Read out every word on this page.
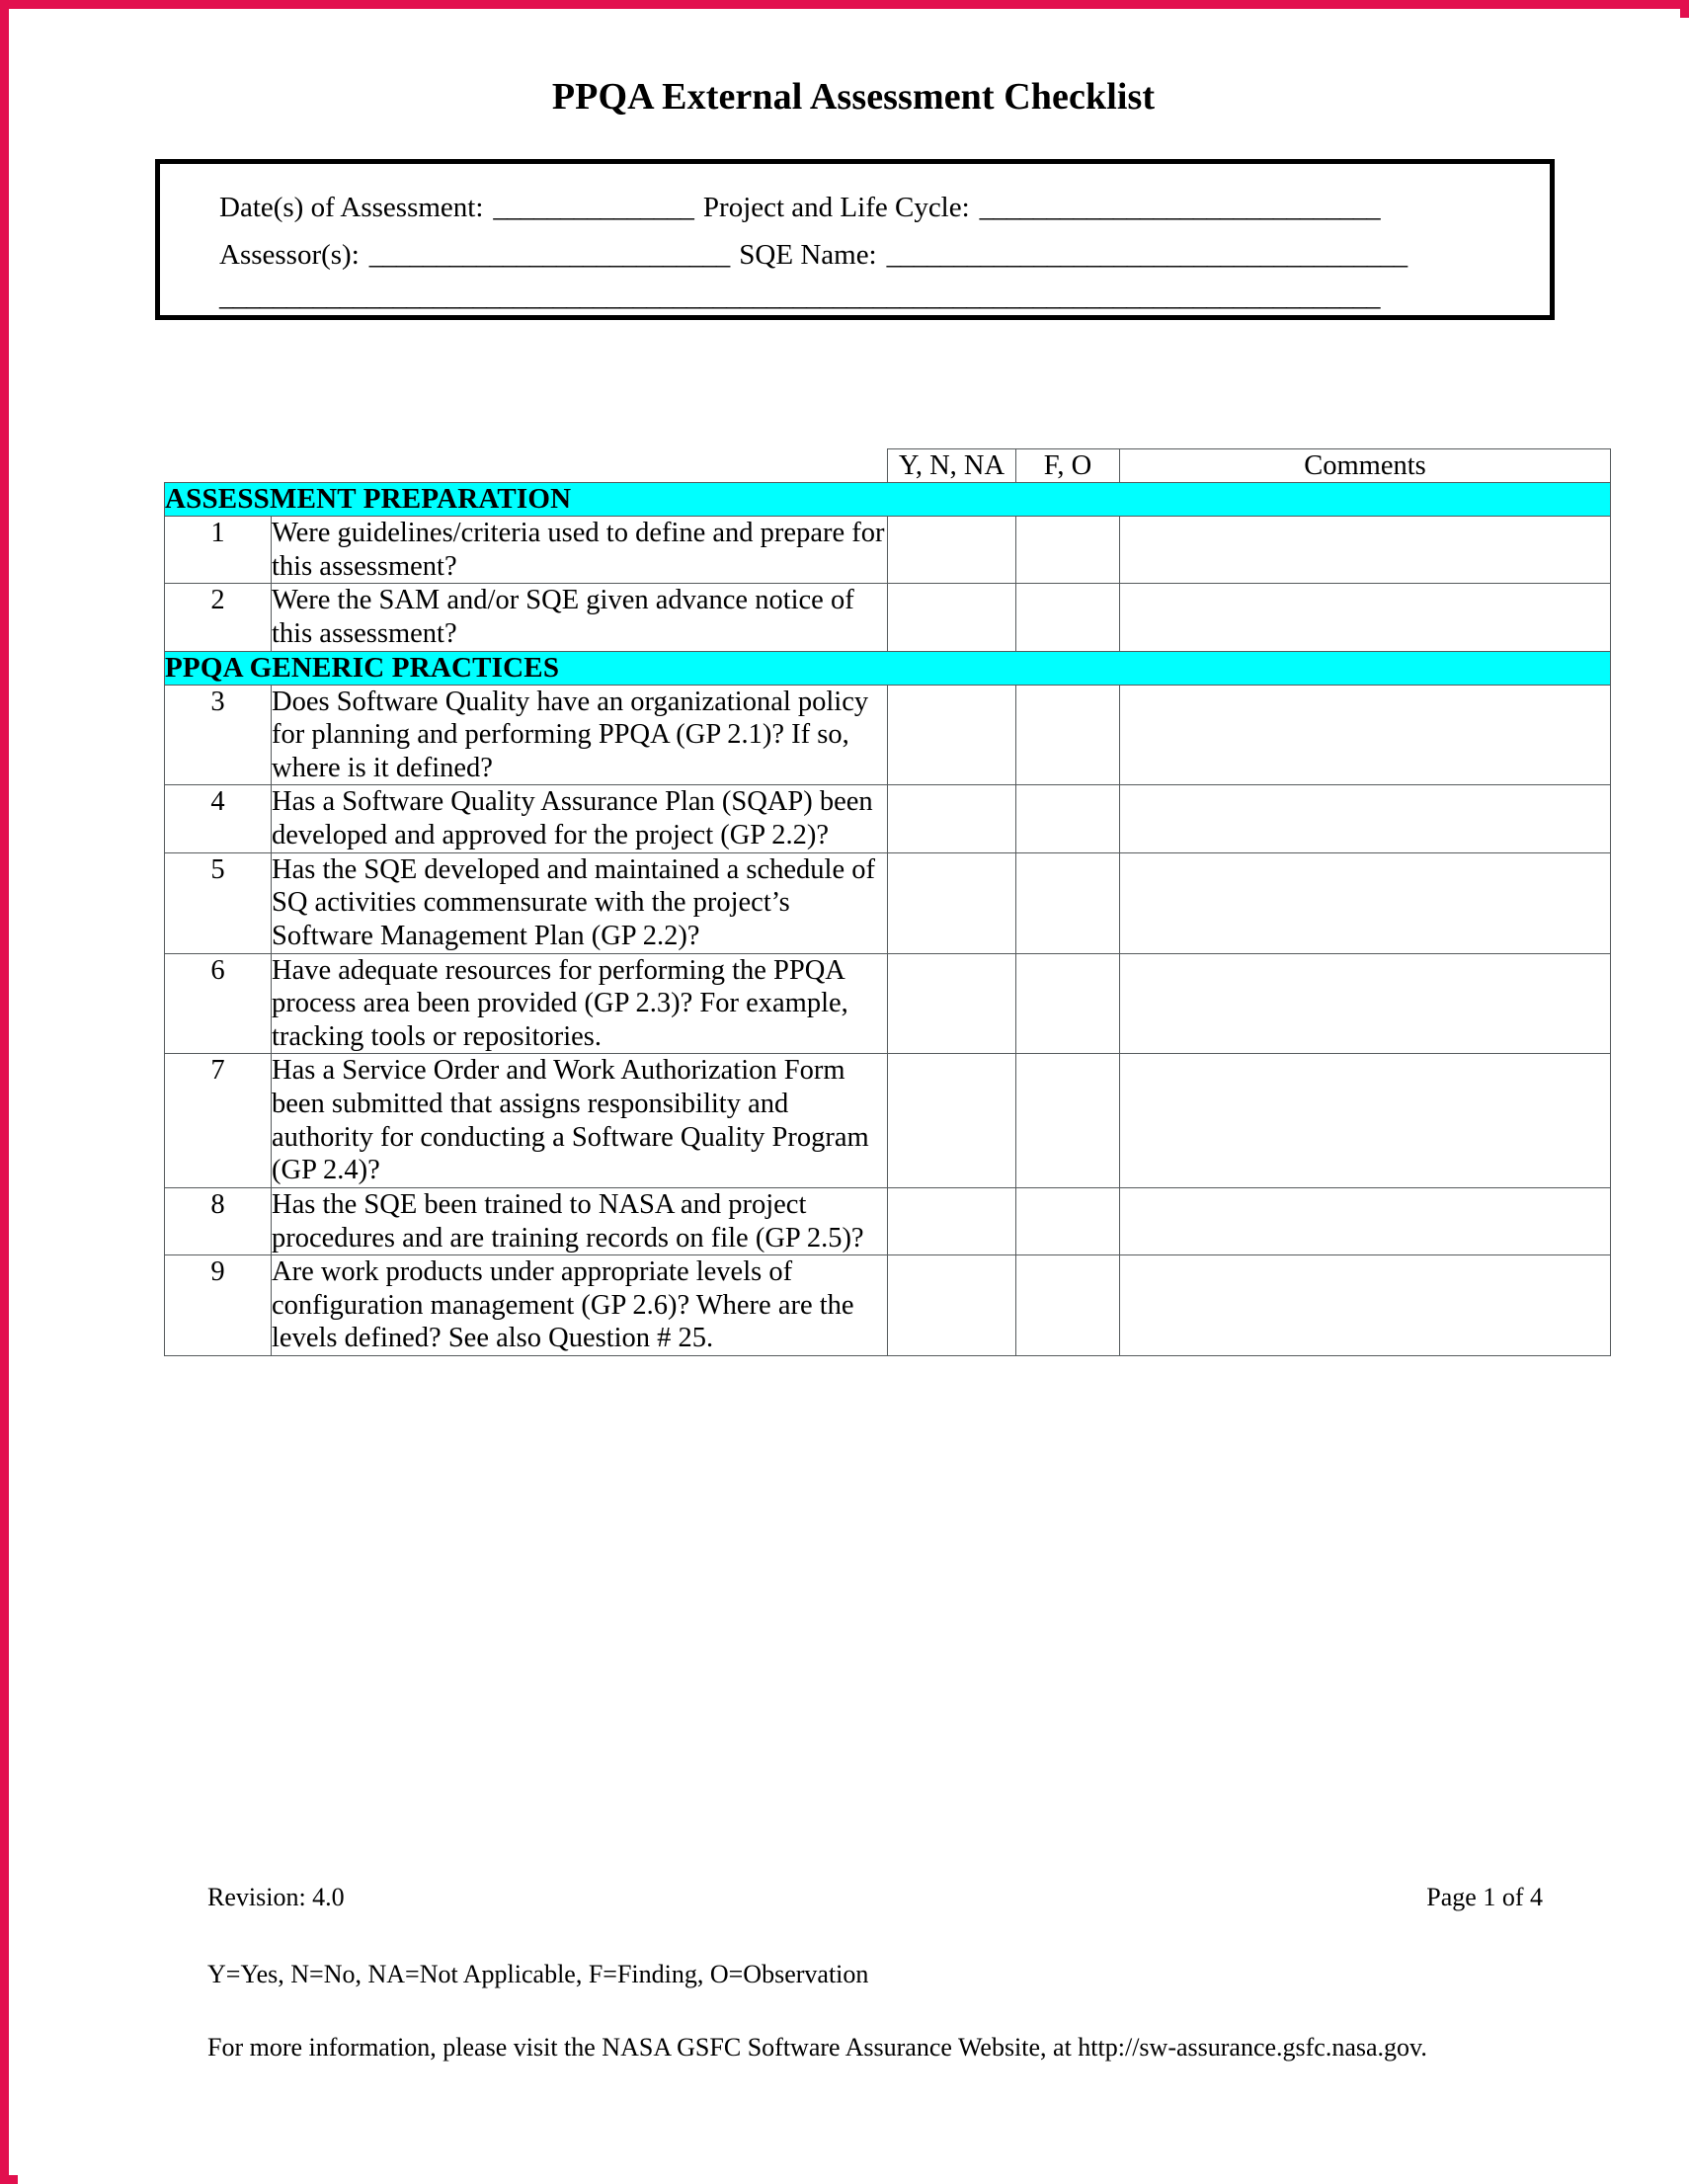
PPQA External Assessment Checklist
Date(s) of Assessment: _______________ Project and Life Cycle: ______________________________
Assessor(s): ___________________________ SQE Name: _______________________________________
_______________________________________________________________________________________
		Y, N, NA	F, O	Comments
ASSESSMENT PREPARATION				
1	Were guidelines/criteria used to define and prepare for this assessment?			
2	Were the SAM and/or SQE given advance notice of this assessment?			
PPQA GENERIC PRACTICES				
3	Does Software Quality have an organizational policy for planning and performing PPQA (GP 2.1)? If so, where is it defined?			
4	Has a Software Quality Assurance Plan (SQAP) been developed and approved for the project (GP 2.2)?			
5	Has the SQE developed and maintained a schedule of SQ activities commensurate with the project’s Software Management Plan (GP 2.2)?			
6	Have adequate resources for performing the PPQA process area been provided (GP 2.3)? For example, tracking tools or repositories.			
7	Has a Service Order and Work Authorization Form been submitted that assigns responsibility and authority for conducting a Software Quality Program (GP 2.4)?			
8	Has the SQE been trained to NASA and project procedures and are training records on file (GP 2.5)?			
9	Are work products under appropriate levels of configuration management (GP 2.6)? Where are the levels defined? See also Question # 25.			
Revision: 4.0	Page 1 of 4
Y=Yes, N=No, NA=Not Applicable, F=Finding, O=Observation
For more information, please visit the NASA GSFC Software Assurance Website, at http://sw-assurance.gsfc.nasa.gov.
